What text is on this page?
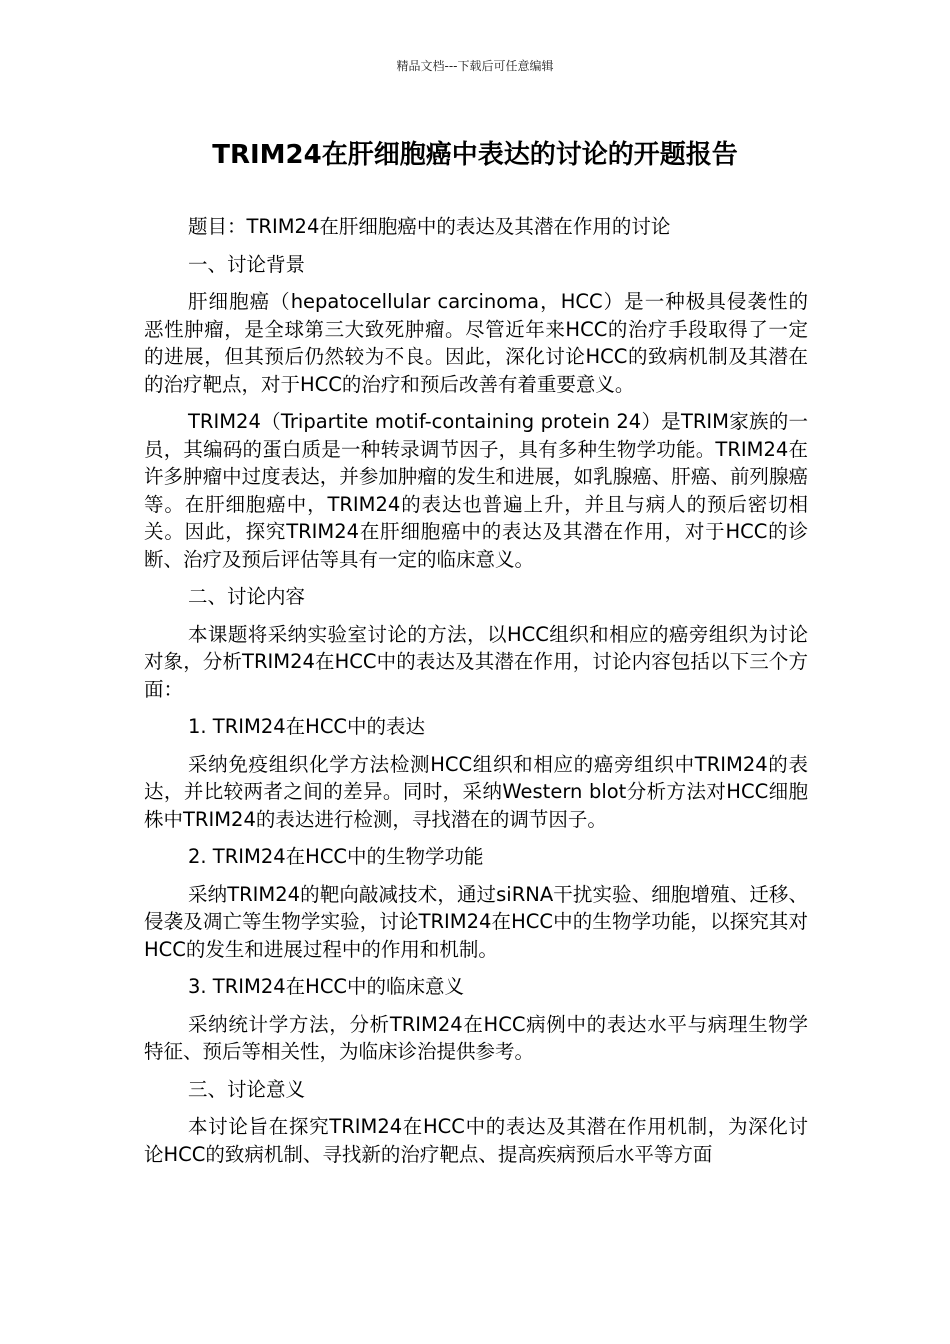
精品文档---下载后可任意编辑
TRIM24在肝细胞癌中表达的讨论的开题报告

题目：TRIM24在肝细胞癌中的表达及其潜在作用的讨论

一、讨论背景

肝细胞癌（hepatocellular carcinoma，HCC）是一种极具侵袭性的恶性肿瘤，是全球第三大致死肿瘤。尽管近年来HCC的治疗手段取得了一定的进展，但其预后仍然较为不良。因此，深化讨论HCC的致病机制及其潜在的治疗靶点，对于HCC的治疗和预后改善有着重要意义。

TRIM24（Tripartite motif-containing protein 24）是TRIM家族的一员，其编码的蛋白质是一种转录调节因子，具有多种生物学功能。TRIM24在许多肿瘤中过度表达，并参加肿瘤的发生和进展，如乳腺癌、肝癌、前列腺癌等。在肝细胞癌中，TRIM24的表达也普遍上升，并且与病人的预后密切相关。因此，探究TRIM24在肝细胞癌中的表达及其潜在作用，对于HCC的诊断、治疗及预后评估等具有一定的临床意义。

二、讨论内容

本课题将采纳实验室讨论的方法，以HCC组织和相应的癌旁组织为讨论对象，分析TRIM24在HCC中的表达及其潜在作用，讨论内容包括以下三个方面：

1. TRIM24在HCC中的表达

采纳免疫组织化学方法检测HCC组织和相应的癌旁组织中TRIM24的表达，并比较两者之间的差异。同时，采纳Western blot分析方法对HCC细胞株中TRIM24的表达进行检测，寻找潜在的调节因子。

2. TRIM24在HCC中的生物学功能

采纳TRIM24的靶向敲减技术，通过siRNA干扰实验、细胞增殖、迁移、侵袭及凋亡等生物学实验，讨论TRIM24在HCC中的生物学功能，以探究其对HCC的发生和进展过程中的作用和机制。

3. TRIM24在HCC中的临床意义

采纳统计学方法，分析TRIM24在HCC病例中的表达水平与病理生物学特征、预后等相关性，为临床诊治提供参考。

三、讨论意义

本讨论旨在探究TRIM24在HCC中的表达及其潜在作用机制，为深化讨论HCC的致病机制、寻找新的治疗靶点、提高疾病预后水平等方面
